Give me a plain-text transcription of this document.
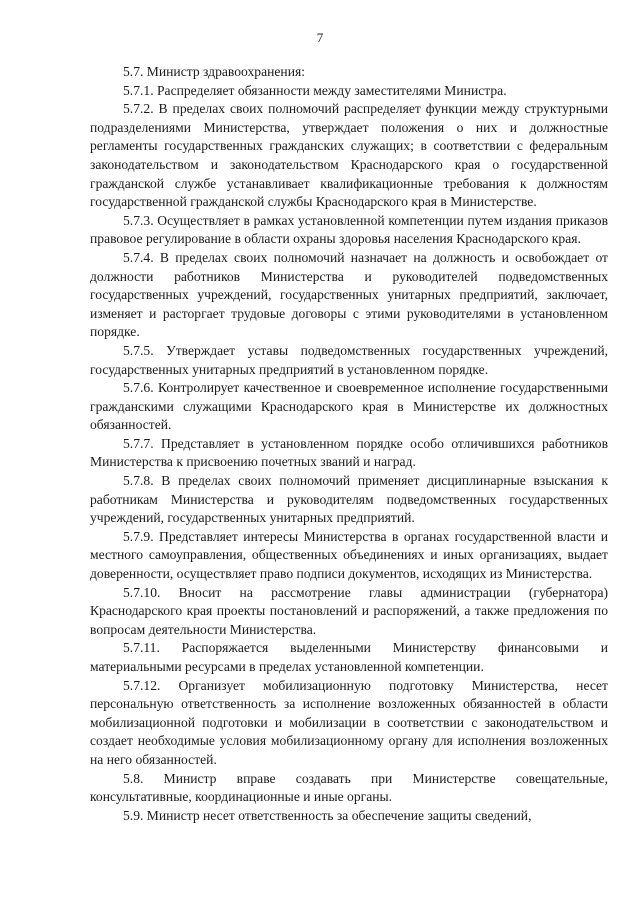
7

5.7. Министр здравоохранения:

5.7.1. Распределяет обязанности между заместителями Министра.

5.7.2. В пределах своих полномочий распределяет функции между структурными подразделениями Министерства, утверждает положения о них и должностные регламенты государственных гражданских служащих; в соответствии с федеральным законодательством и законодательством Краснодарского края о государственной гражданской службе устанавливает квалификационные требования к должностям государственной гражданской службы Краснодарского края в Министерстве.

5.7.3. Осуществляет в рамках установленной компетенции путем издания приказов правовое регулирование в области охраны здоровья населения Краснодарского края.

5.7.4. В пределах своих полномочий назначает на должность и освобождает от должности работников Министерства и руководителей подведомственных государственных учреждений, государственных унитарных предприятий, заключает, изменяет и расторгает трудовые договоры с этими руководителями в установленном порядке.

5.7.5. Утверждает уставы подведомственных государственных учреждений, государственных унитарных предприятий в установленном порядке.

5.7.6. Контролирует качественное и своевременное исполнение государственными гражданскими служащими Краснодарского края в Министерстве их должностных обязанностей.

5.7.7. Представляет в установленном порядке особо отличившихся работников Министерства к присвоению почетных званий и наград.

5.7.8. В пределах своих полномочий применяет дисциплинарные взыскания к работникам Министерства и руководителям подведомственных государственных учреждений, государственных унитарных предприятий.

5.7.9. Представляет интересы Министерства в органах государственной власти и местного самоуправления, общественных объединениях и иных организациях, выдает доверенности, осуществляет право подписи документов, исходящих из Министерства.

5.7.10. Вносит на рассмотрение главы администрации (губернатора) Краснодарского края проекты постановлений и распоряжений, а также предложения по вопросам деятельности Министерства.

5.7.11. Распоряжается выделенными Министерству финансовыми и материальными ресурсами в пределах установленной компетенции.

5.7.12. Организует мобилизационную подготовку Министерства, несет персональную ответственность за исполнение возложенных обязанностей в области мобилизационной подготовки и мобилизации в соответствии с законодательством и создает необходимые условия мобилизационному органу для исполнения возложенных на него обязанностей.

5.8. Министр вправе создавать при Министерстве совещательные, консультативные, координационные и иные органы.

5.9. Министр несет ответственность за обеспечение защиты сведений,
